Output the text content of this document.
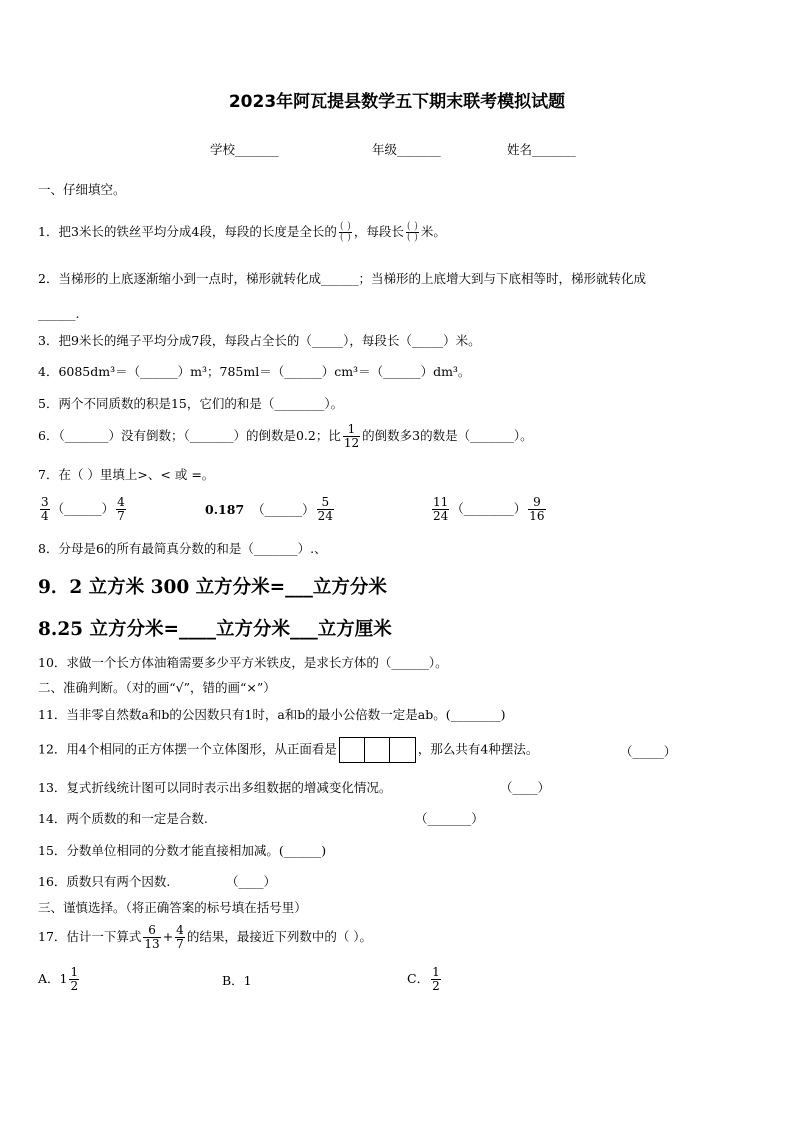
2023年阿瓦提县数学五下期末联考模拟试题
学校_______	年级_______	姓名_______
一、仔细填空。
1．把3米长的铁丝平均分成4段，每段的长度是全长的 $\frac{( )}{( )}$ ，每段长 $\frac{( )}{( )}$ 米。
2．当梯形的上底逐渐缩小到一点时，梯形就转化成______；当梯形的上底增大到与下底相等时，梯形就转化成
______.
3．把9米长的绳子平均分成7段，每段占全长的（_____），每段长（_____）米。
4．6085dm³＝（______）m³；785ml＝（______）cm³＝（______）dm³。
5．两个不同质数的积是15，它们的和是（________）。
6．（_______）没有倒数；（_______）的倒数是0.2；比 $\frac{1}{12}$ 的倒数多3的数是（_______）。
7．在（ ）里填上>、< 或 =。
$\frac{3}{4}$ （______） $\frac{4}{7}$	0.187 （______） $\frac{5}{24}$	$\frac{11}{24}$ （________） $\frac{9}{16}$
8．分母是6的所有最简真分数的和是（_______）.、
9．2 立方米 300 立方分米=___立方分米
8.25 立方分米=____立方分米___立方厘米
10．求做一个长方体油箱需要多少平方米铁皮，是求长方体的（______）。
二、准确判断。（对的画“√”，错的画“×”）
11．当非零自然数a和b的公因数只有1时，a和b的最小公倍数一定是ab。(________)
12．用4个相同的正方体摆一个立体图形，从正面看是	，那么共有4种摆法。	（_____）
13．复式折线统计图可以同时表示出多组数据的增减变化情况。	（____）
14．两个质数的和一定是合数.	（_______）
15．分数单位相同的分数才能直接相加减。(______)
16．质数只有两个因数.	（____）
三、谨慎选择。（将正确答案的标号填在括号里）
17．估计一下算式 $\frac{6}{13} + \frac{4}{7}$ 的结果，最接近下列数中的（ ）。
A．$1 \frac{1}{2}$	B．1	C． $\frac{1}{2}$
